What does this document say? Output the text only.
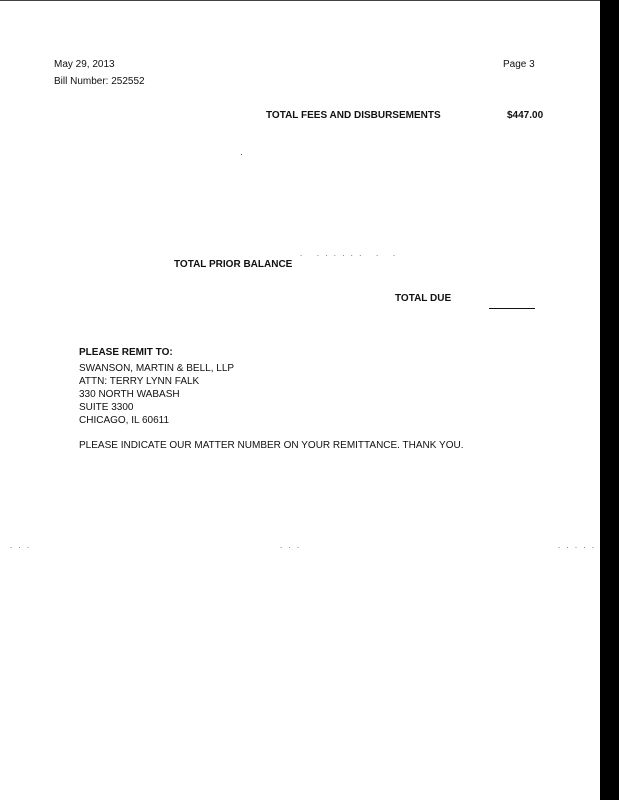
May 29, 2013
Bill Number: 252552
Page 3
TOTAL FEES AND DISBURSEMENTS	$447.00
.   . . . . . .   .   .
TOTAL PRIOR BALANCE
TOTAL DUE
PLEASE REMIT TO:
SWANSON, MARTIN & BELL, LLP
ATTN: TERRY LYNN FALK
330 NORTH WABASH
SUITE 3300
CHICAGO, IL 60611
PLEASE INDICATE OUR MATTER NUMBER ON YOUR REMITTANCE. THANK YOU.
. . .	. . .	. . . . .
